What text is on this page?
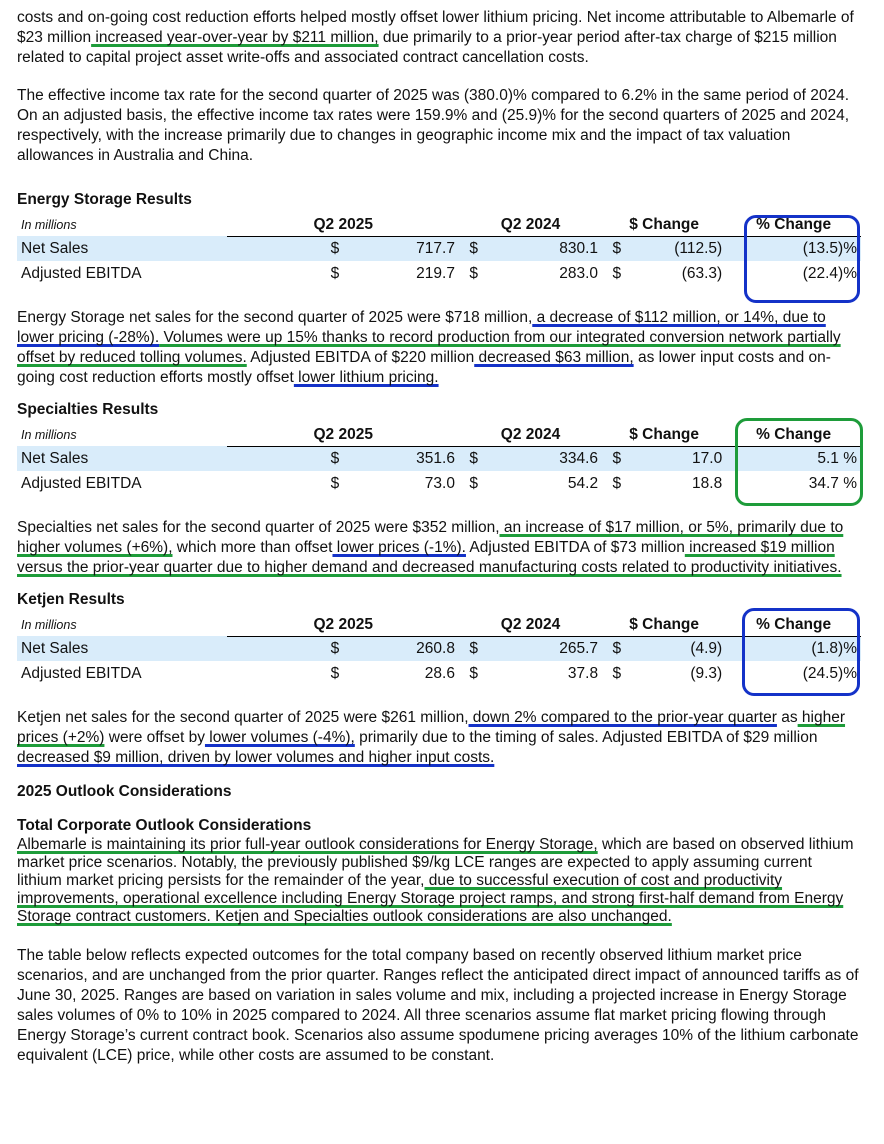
costs and on-going cost reduction efforts helped mostly offset lower lithium pricing. Net income attributable to Albemarle of $23 million increased year-over-year by $211 million, due primarily to a prior-year period after-tax charge of $215 million related to capital project asset write-offs and associated contract cancellation costs.

The effective income tax rate for the second quarter of 2025 was (380.0)% compared to 6.2% in the same period of 2024. On an adjusted basis, the effective income tax rates were 159.9% and (25.9)% for the second quarters of 2025 and 2024, respectively, with the increase primarily due to changes in geographic income mix and the impact of tax valuation allowances in Australia and China.

Energy Storage Results

In millions	Q2 2025		Q2 2024		$ Change		% Change
Net Sales	$	717.7	$	830.1	$	(112.5)	(13.5)%
Adjusted EBITDA	$	219.7	$	283.0	$	(63.3)	(22.4)%

Energy Storage net sales for the second quarter of 2025 were $718 million, a decrease of $112 million, or 14%, due to lower pricing (-28%). Volumes were up 15% thanks to record production from our integrated conversion network partially offset by reduced tolling volumes. Adjusted EBITDA of $220 million decreased $63 million, as lower input costs and on-going cost reduction efforts mostly offset lower lithium pricing.

Specialties Results

In millions	Q2 2025		Q2 2024		$ Change		% Change
Net Sales	$	351.6	$	334.6	$	17.0	5.1 %
Adjusted EBITDA	$	73.0	$	54.2	$	18.8	34.7 %

Specialties net sales for the second quarter of 2025 were $352 million, an increase of $17 million, or 5%, primarily due to higher volumes (+6%), which more than offset lower prices (-1%). Adjusted EBITDA of $73 million increased $19 million versus the prior-year quarter due to higher demand and decreased manufacturing costs related to productivity initiatives.

Ketjen Results

In millions	Q2 2025		Q2 2024		$ Change		% Change
Net Sales	$	260.8	$	265.7	$	(4.9)	(1.8)%
Adjusted EBITDA	$	28.6	$	37.8	$	(9.3)	(24.5)%

Ketjen net sales for the second quarter of 2025 were $261 million, down 2% compared to the prior-year quarter as higher prices (+2%) were offset by lower volumes (-4%), primarily due to the timing of sales. Adjusted EBITDA of $29 million decreased $9 million, driven by lower volumes and higher input costs.

2025 Outlook Considerations

Total Corporate Outlook Considerations

Albemarle is maintaining its prior full-year outlook considerations for Energy Storage, which are based on observed lithium market price scenarios. Notably, the previously published $9/kg LCE ranges are expected to apply assuming current lithium market pricing persists for the remainder of the year, due to successful execution of cost and productivity improvements, operational excellence including Energy Storage project ramps, and strong first-half demand from Energy Storage contract customers. Ketjen and Specialties outlook considerations are also unchanged.

The table below reflects expected outcomes for the total company based on recently observed lithium market price scenarios, and are unchanged from the prior quarter. Ranges reflect the anticipated direct impact of announced tariffs as of June 30, 2025. Ranges are based on variation in sales volume and mix, including a projected increase in Energy Storage sales volumes of 0% to 10% in 2025 compared to 2024. All three scenarios assume flat market pricing flowing through Energy Storage’s current contract book. Scenarios also assume spodumene pricing averages 10% of the lithium carbonate equivalent (LCE) price, while other costs are assumed to be constant.
